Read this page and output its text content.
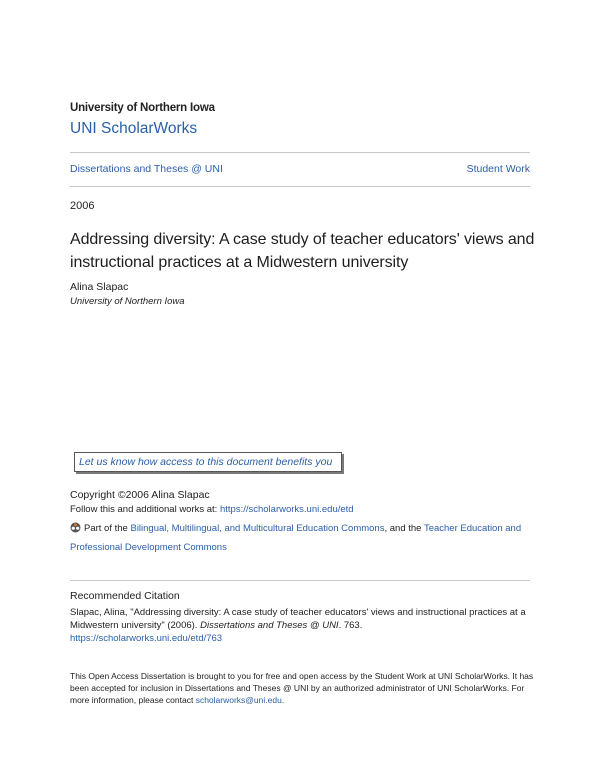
University of Northern Iowa
UNI ScholarWorks
Dissertations and Theses @ UNI	Student Work
2006
Addressing diversity: A case study of teacher educators' views and instructional practices at a Midwestern university
Alina Slapac
University of Northern Iowa
Let us know how access to this document benefits you
Copyright ©2006 Alina Slapac
Follow this and additional works at: https://scholarworks.uni.edu/etd
Part of the Bilingual, Multilingual, and Multicultural Education Commons, and the Teacher Education and Professional Development Commons
Recommended Citation
Slapac, Alina, "Addressing diversity: A case study of teacher educators' views and instructional practices at a Midwestern university" (2006). Dissertations and Theses @ UNI. 763.
https://scholarworks.uni.edu/etd/763
This Open Access Dissertation is brought to you for free and open access by the Student Work at UNI ScholarWorks. It has been accepted for inclusion in Dissertations and Theses @ UNI by an authorized administrator of UNI ScholarWorks. For more information, please contact scholarworks@uni.edu.
